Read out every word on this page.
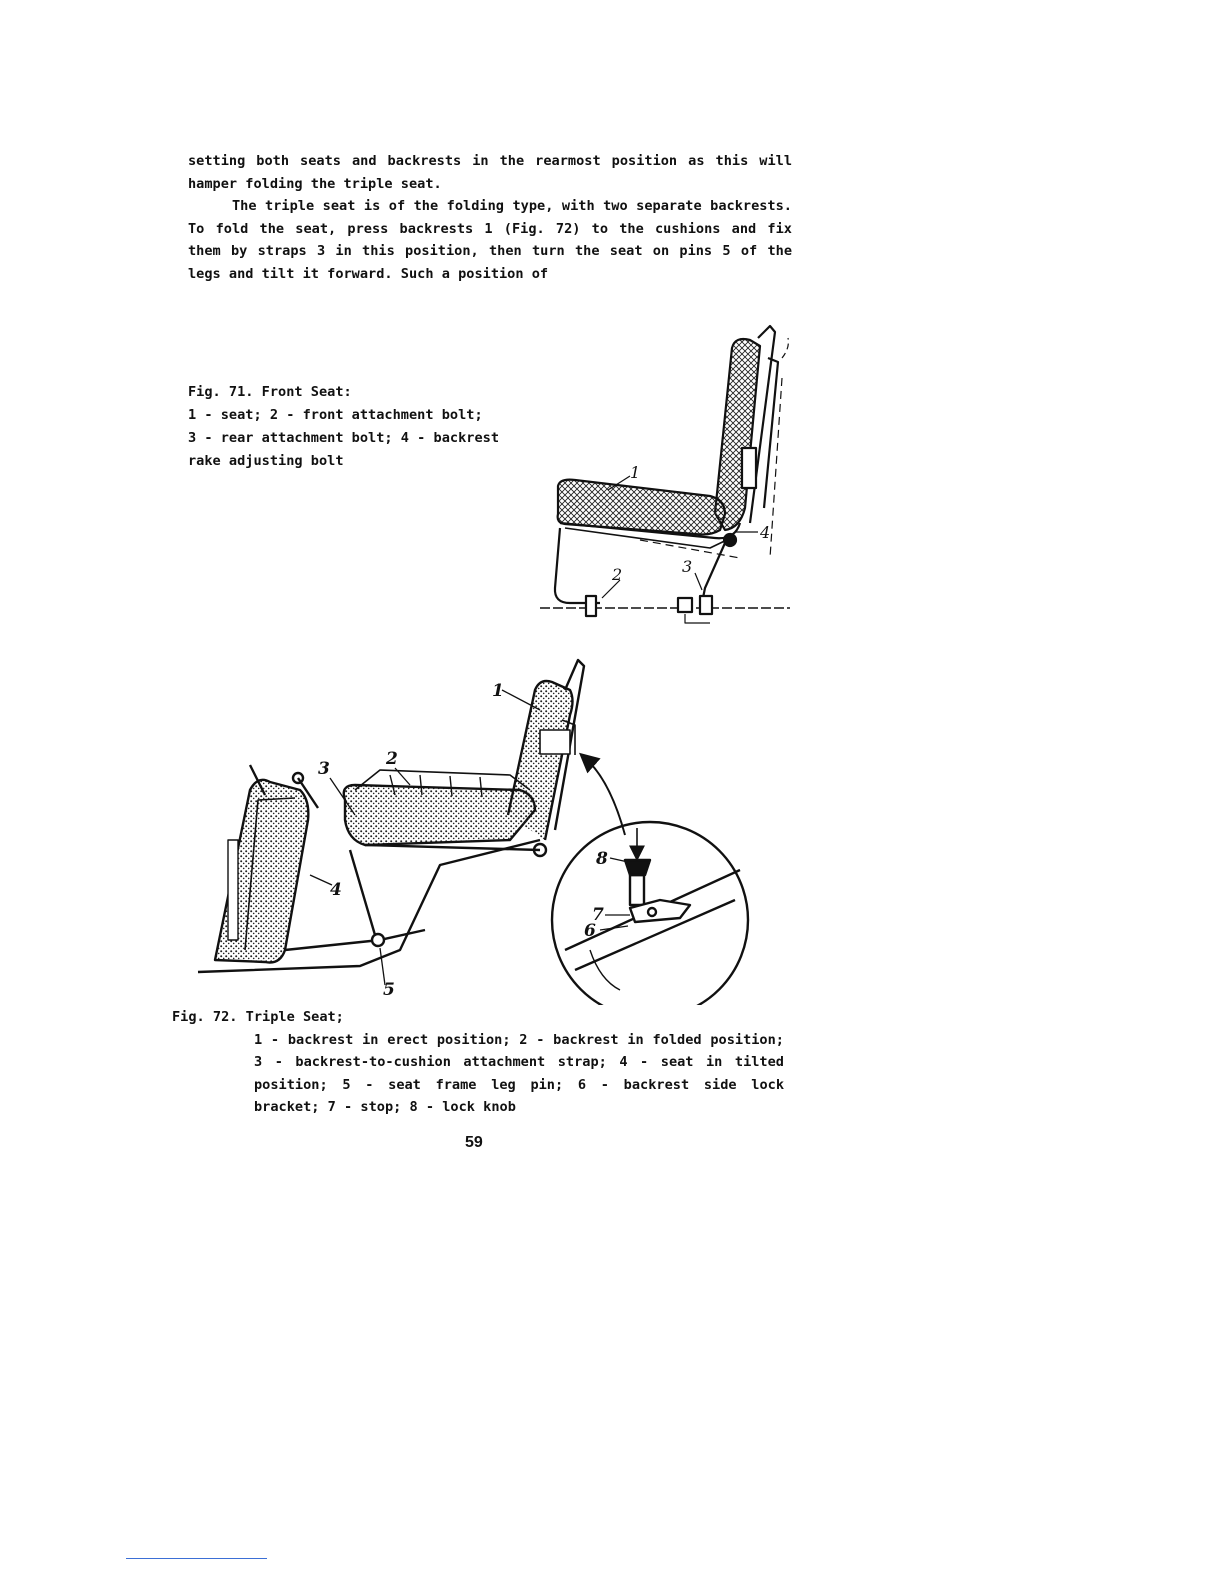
setting both seats and backrests in the rearmost position as this will hamper folding the triple seat.

The triple seat is of the folding type, with two separate backrests. To fold the seat, press backrests 1 (Fig. 72) to the cushions and fix them by straps 3 in this position, then turn the seat on pins 5 of the legs and tilt it forward. Such a position of

Fig. 71. Front Seat:
1 - seat; 2 - front attachment bolt;
3 - rear attachment bolt; 4 - backrest
rake adjusting bolt
1
2	3
4
1
2
3
4
5
6
7
8
Fig. 72. Triple Seat;
1 - backrest in erect position; 2 - backrest in folded position; 3 - backrest-to-cushion attachment strap; 4 - seat in tilted position; 5 - seat frame leg pin; 6 - backrest side lock bracket; 7 - stop; 8 - lock knob
59
